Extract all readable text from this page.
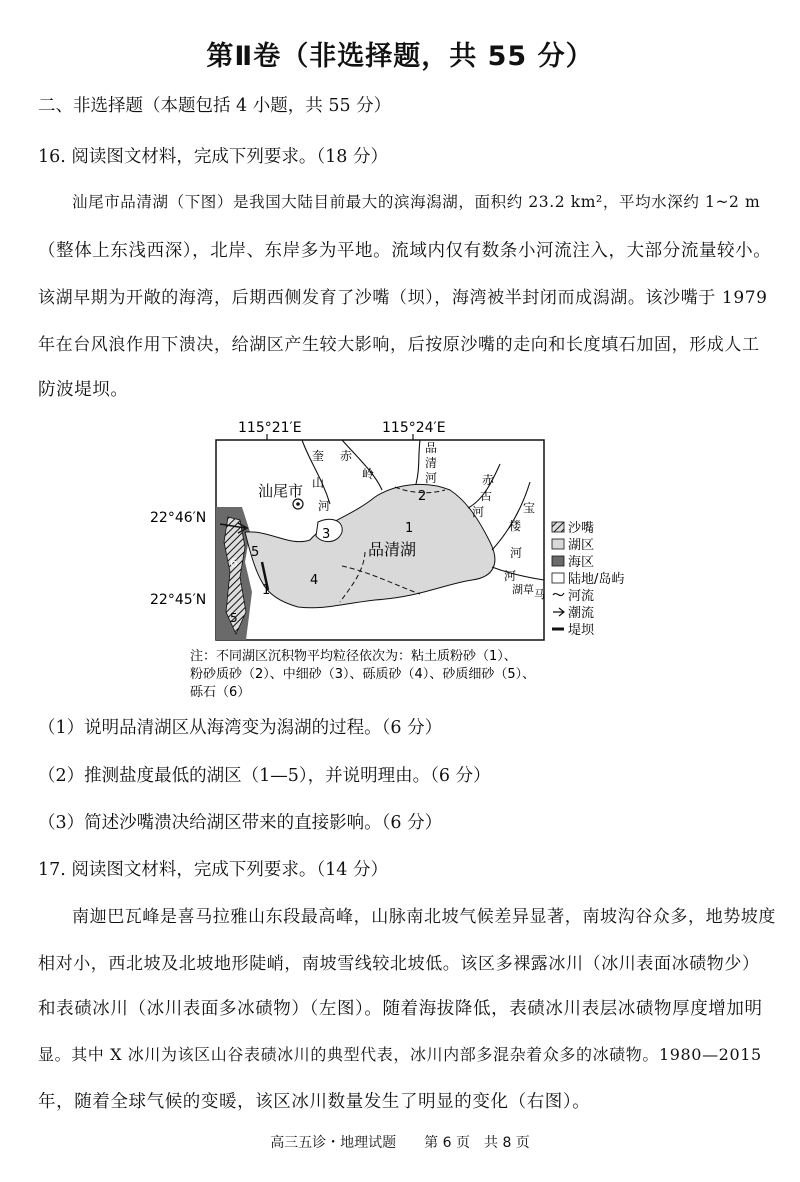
第Ⅱ卷（非选择题，共 55 分）
二、非选择题（本题包括 4 小题，共 55 分）
16. 阅读图文材料，完成下列要求。（18 分）
汕尾市品清湖（下图）是我国大陆目前最大的滨海潟湖，面积约 23.2 km²，平均水深约 1~2 m
（整体上东浅西深），北岸、东岸多为平地。流域内仅有数条小河流注入，大部分流量较小。
该湖早期为开敞的海湾，后期西侧发育了沙嘴（坝），海湾被半封闭而成潟湖。该沙嘴于 1979
年在台风浪作用下溃决，给湖区产生较大影响，后按原沙嘴的走向和长度填石加固，形成人工
防波堤坝。
115°21′E	115°24′E
汕尾市
品清湖
奎 赤
岭
山
河
品
清
河	赤
古
河	宝
楼
河
河
湖草 马
1
2
3
4
5
6
5
1
22°46′N
22°45′N
沙嘴
湖区
海区
陆地/岛屿
河流
潮流
堤坝
注：不同湖区沉积物平均粒径依次为：粘土质粉砂（1）、
粉砂质砂（2）、中细砂（3）、砾质砂（4）、砂质细砂（5）、
砾石（6）
（1）说明品清湖区从海湾变为潟湖的过程。（6 分）
（2）推测盐度最低的湖区（1—5），并说明理由。（6 分）
（3）简述沙嘴溃决给湖区带来的直接影响。（6 分）
17. 阅读图文材料，完成下列要求。（14 分）
南迦巴瓦峰是喜马拉雅山东段最高峰，山脉南北坡气候差异显著，南坡沟谷众多，地势坡度
相对小，西北坡及北坡地形陡峭，南坡雪线较北坡低。该区多裸露冰川（冰川表面冰碛物少）
和表碛冰川（冰川表面多冰碛物）（左图）。随着海拔降低，表碛冰川表层冰碛物厚度增加明
显。其中 X 冰川为该区山谷表碛冰川的典型代表，冰川内部多混杂着众多的冰碛物。1980—2015
年，随着全球气候的变暖，该区冰川数量发生了明显的变化（右图）。
高三五诊・地理试题　　第 6 页　共 8 页
